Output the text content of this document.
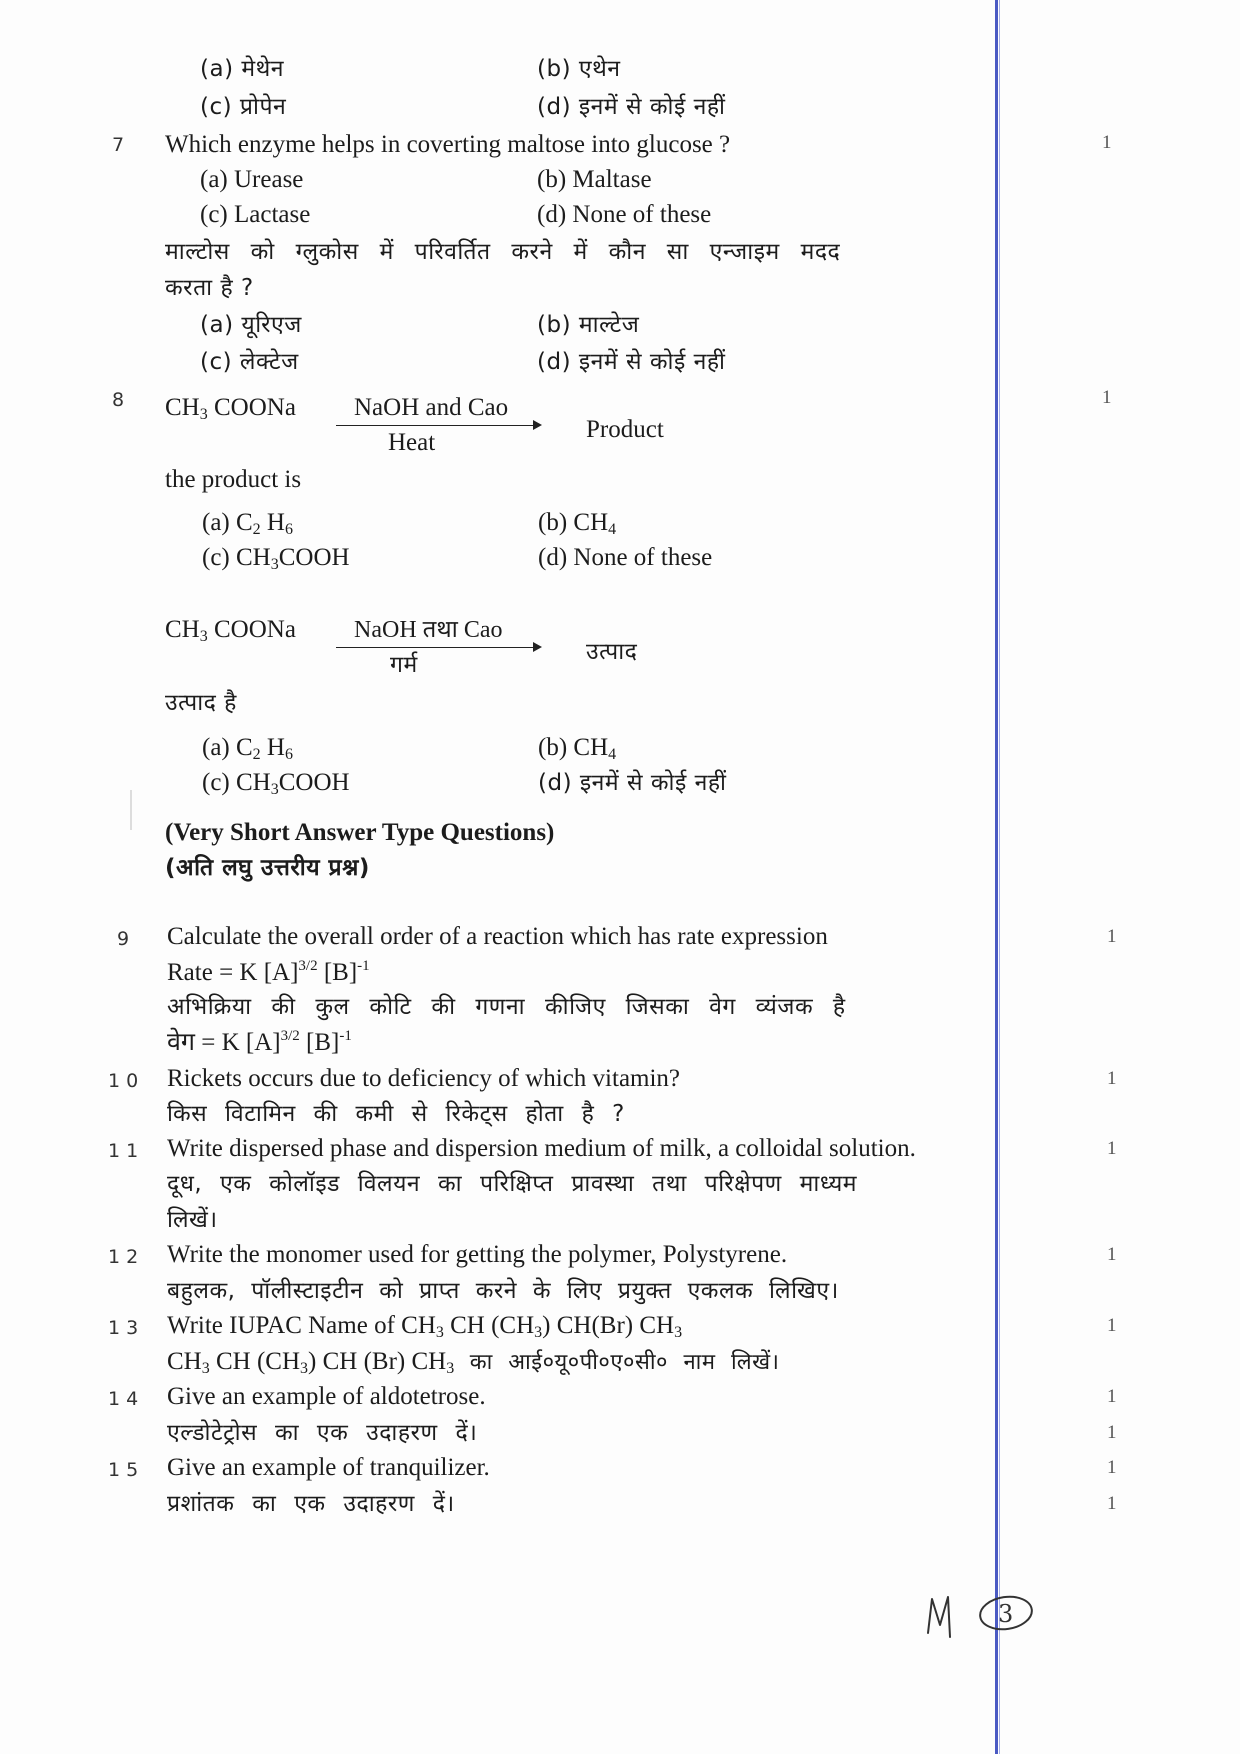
(a) मेथेन	(b) एथेन
(c) प्रोपेन	(d) इनमें से कोई नहीं
7 Which enzyme helps in coverting maltose into glucose ?	1
(a) Urease	(b) Maltase
(c) Lactase	(d) None of these
माल्टोस को ग्लुकोस में परिवर्तित करने में कौन सा एन्जाइम मदद
करता है ?
(a) यूरिएज	(b) माल्टेज
(c) लेक्टेज	(d) इनमें से कोई नहीं
8	1
$CH_3$ COONa NaOH and Cao
Heat	Product
the product is
(a) $C_2$ $H_6$	(b) $CH_4$
(c) $CH_3COOH$	(d) None of these
$CH_3$ COONa NaOH तथा Cao
गर्म	उत्पाद
उत्पाद है
(a) $C_2$ $H_6$	(b) $CH_4$
(c) $CH_3COOH$	(d) इनमें से कोई नहीं
(Very Short Answer Type Questions)
(अति लघु उत्तरीय प्रश्न)
9 Calculate the overall order of a reaction which has rate expression	1
Rate = K $[A]^{3/2}$ $[B]^{-1}$
अभिक्रिया की कुल कोटि की गणना कीजिए जिसका वेग व्यंजक है
वेग = K $[A]^{3/2}$ $[B]^{-1}$
1 0 Rickets occurs due to deficiency of which vitamin?	1
किस विटामिन की कमी से रिकेट्स होता है ?
1 1 Write dispersed phase and dispersion medium of milk, a colloidal solution.	1
दूध, एक कोलॉइड विलयन का परिक्षिप्त प्रावस्था तथा परिक्षेपण माध्यम
लिखें।
1 2 Write the monomer used for getting the polymer, Polystyrene.	1
बहुलक, पॉलीस्टाइटीन को प्राप्त करने के लिए प्रयुक्त एकलक लिखिए।
1 3 Write IUPAC Name of $CH_3$ CH $(CH_3)$ CH(Br) $CH_3$	1
$CH_3$ CH $(CH_3)$ CH (Br) $CH_3$ का आई०यू०पी०ए०सी० नाम लिखें।
1 4 Give an example of aldotetrose.	1
एल्डोटेट्रोस का एक उदाहरण दें।	1
1 5 Give an example of tranquilizer.	1
प्रशांतक का एक उदाहरण दें।	1
3
